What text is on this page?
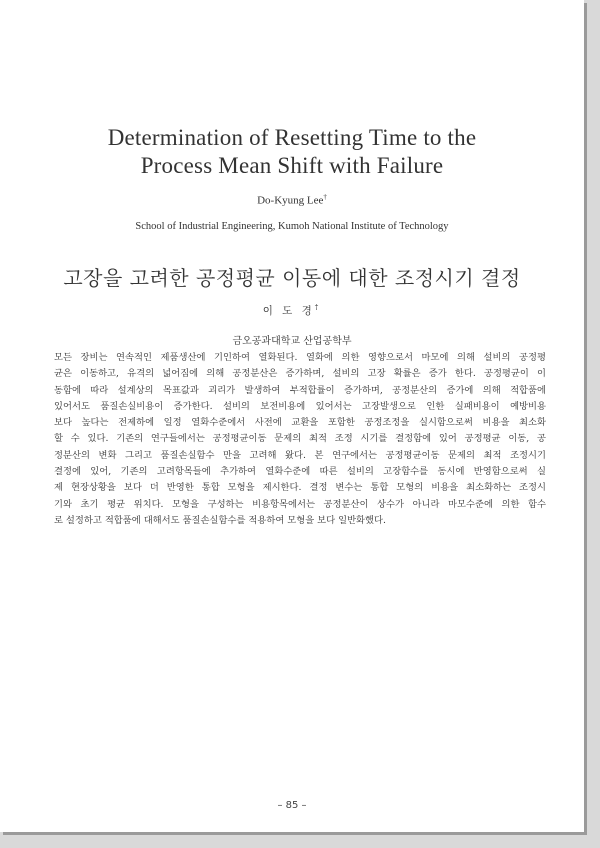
Determination of Resetting Time to the
Process Mean Shift with Failure
Do-Kyung Lee†
School of Industrial Engineering, Kumoh National Institute of Technology
고장을 고려한 공정평균 이동에 대한 조정시기 결정
이 도 경†
금오공과대학교 산업공학부
모든 장비는 연속적인 제품생산에 기인하여 열화된다. 열화에 의한 영향으로서 마모에 의해 설비의 공정평
균은 이동하고, 유격의 넓어짐에 의해 공정분산은 증가하며, 설비의 고장 확률은 증가 한다. 공정평균이 이
동함에 따라 설계상의 목표값과 괴리가 발생하여 부적합률이 증가하며, 공정분산의 증가에 의해 적합품에
있어서도 품질손실비용이 증가한다. 설비의 보전비용에 있어서는 고장발생으로 인한 실패비용이 예방비용
보다 높다는 전제하에 일정 열화수준에서 사전에 교환을 포함한 공정조정을 실시함으로써 비용을 최소화
할 수 있다. 기존의 연구들에서는 공정평균이동 문제의 최적 조정 시기를 결정함에 있어 공정평균 이동, 공
정분산의 변화 그리고 품질손실함수 만을 고려해 왔다. 본 연구에서는 공정평균이동 문제의 최적 조정시기
결정에 있어, 기존의 고려항목들에 추가하여 열화수준에 따른 설비의 고장함수를 동시에 반영함으로써 실
제 현장상황을 보다 더 반영한 통합 모형을 제시한다. 결정 변수는 통합 모형의 비용을 최소화하는 조정시
기와 초기 평균 위치다. 모형을 구성하는 비용항목에서는 공정분산이 상수가 아니라 마모수준에 의한 함수
로 설정하고 적합품에 대해서도 품질손실함수를 적용하여 모형을 보다 일반화했다.
– 85 –
